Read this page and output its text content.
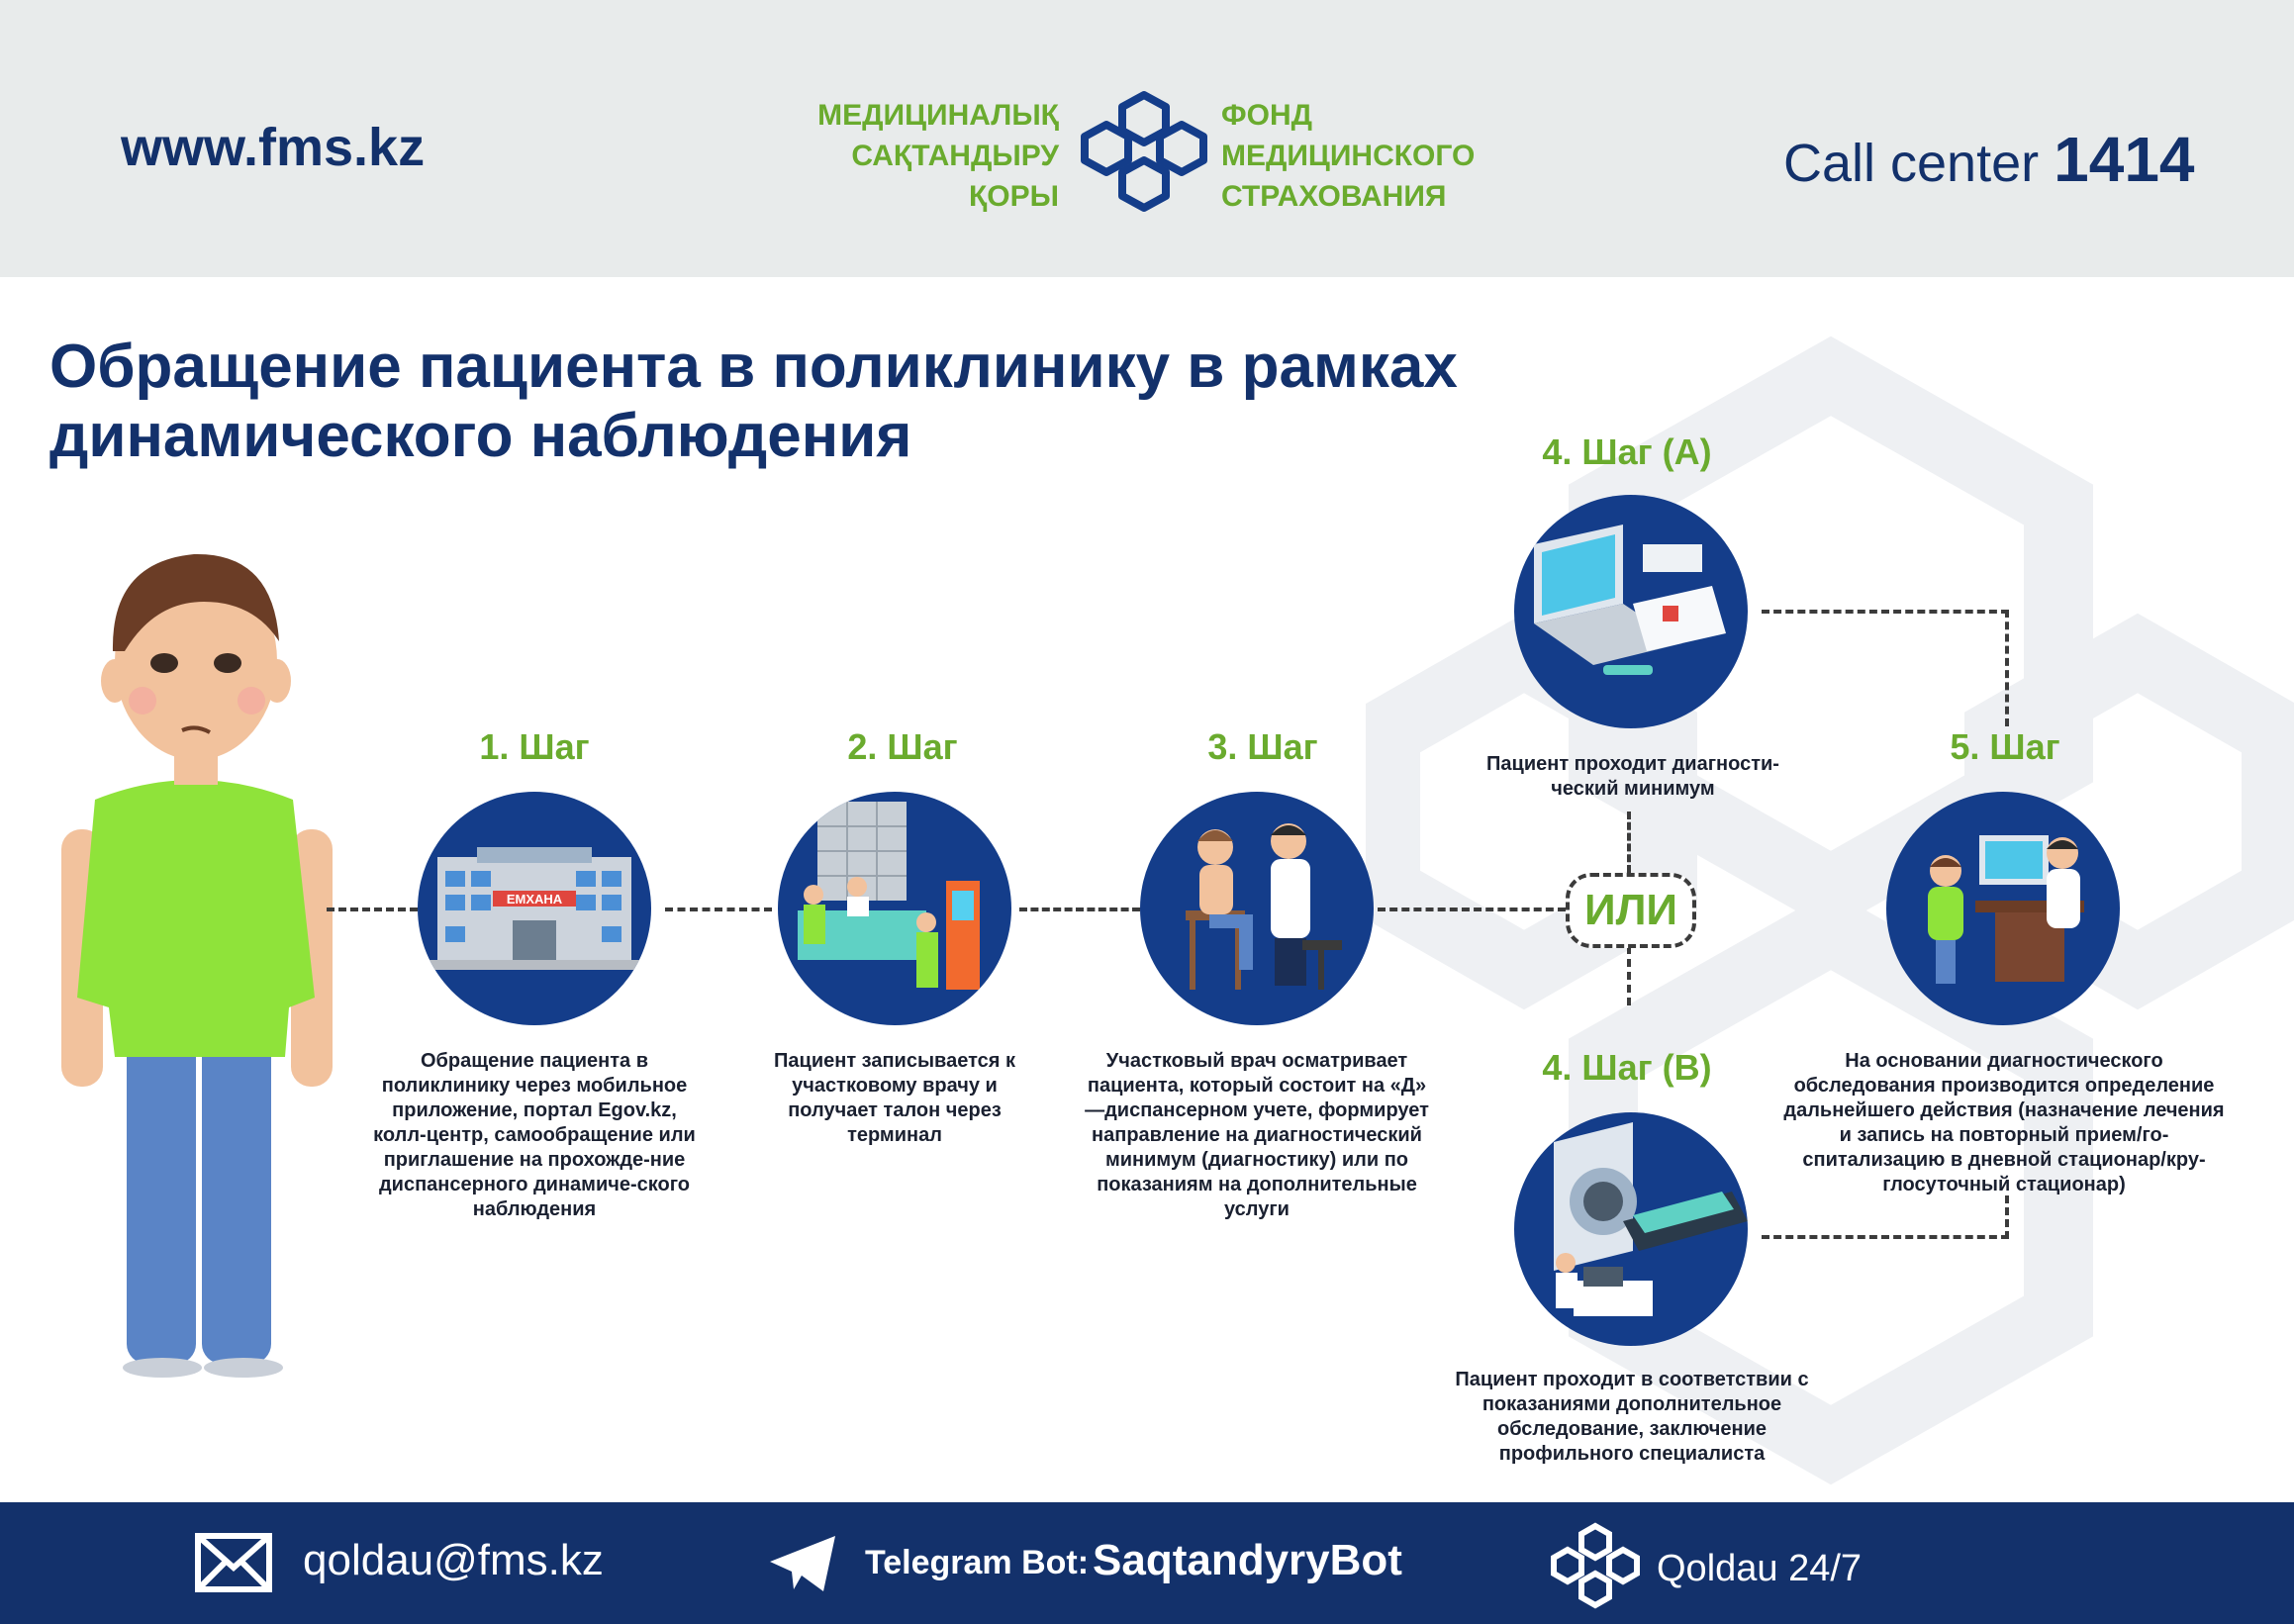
www.fms.kz
МЕДИЦИНАЛЫҚ
САҚТАНДЫРУ
ҚОРЫ
ФОНД
МЕДИЦИНСКОГО
СТРАХОВАНИЯ
Call center 1414
Обращение пациента в поликлинику в рамках динамического наблюдения
ИЛИ
1. Шаг
ЕМХАНА
Обращение пациента в поликлинику через мобильное приложение, портал Egov.kz, колл-центр, самообращение или приглашение на прохожде-ние диспансерного динамиче-ского наблюдения
2. Шаг
Пациент записывается к участковому врачу и получает талон через терминал
3. Шаг
Участковый врач осматривает пациента, который состоит на «Д» —диспансерном учете, формирует направление на диагностический минимум (диагностику) или по показаниям на дополнительные услуги
4. Шаг (А)
Пациент проходит диагности-ческий минимум
4. Шаг (В)
Пациент проходит в соответствии с показаниями дополнительное обследование, заключение профильного специалиста
5. Шаг
На основании диагностического обследования производится определение дальнейшего действия (назначение лечения и запись на повторный прием/го-спитализацию в дневной стационар/кру-глосуточный стационар)
qoldau@fms.kz	Telegram Bot: SaqtandyryBot	Qoldau 24/7
